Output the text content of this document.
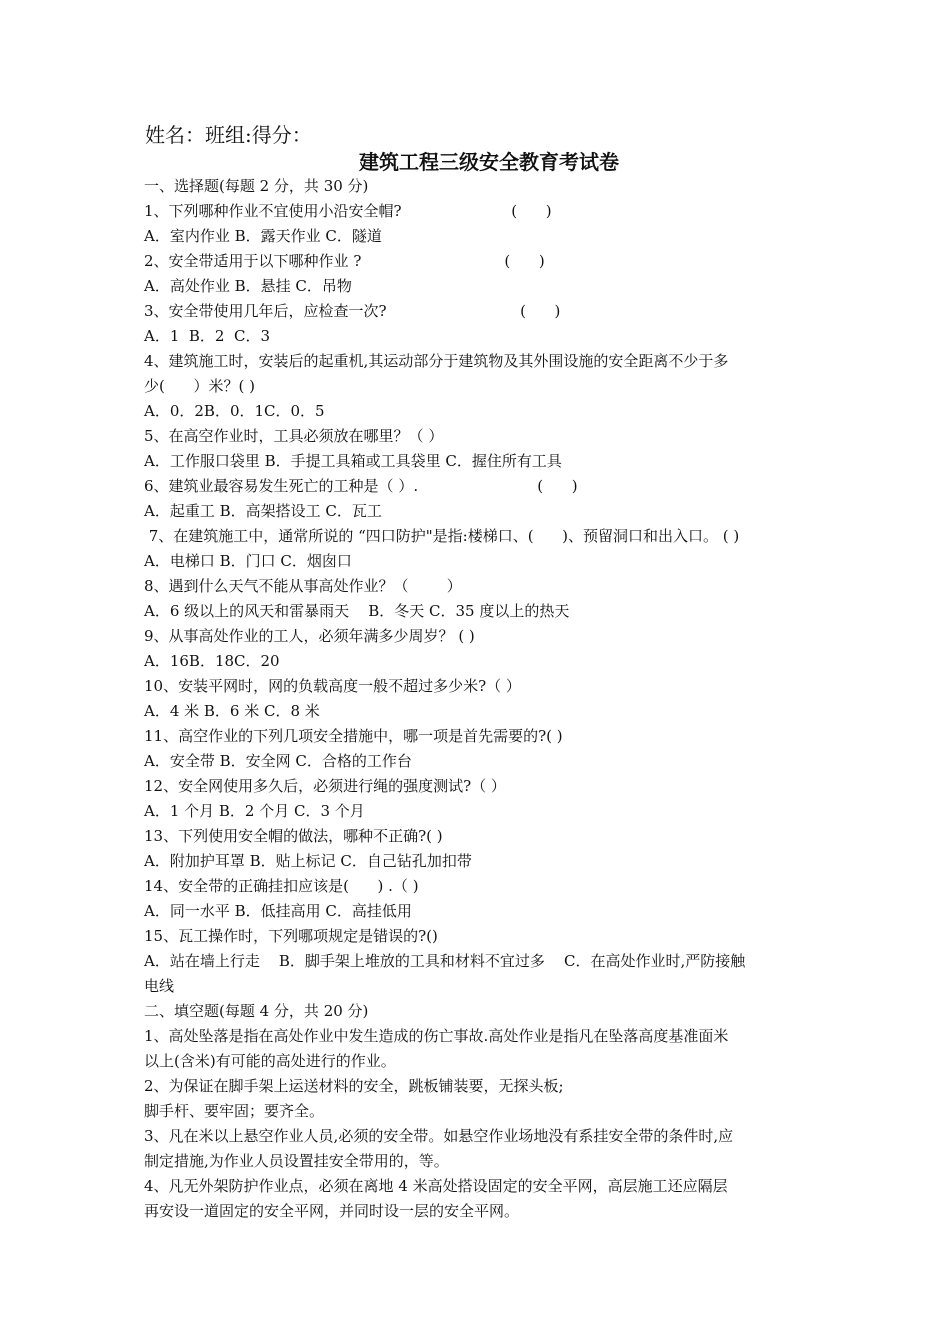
姓名：班组:得分：
建筑工程三级安全教育考试卷
一、选择题(每题 2 分，共 30 分)
1、下列哪种作业不宜使用小沿安全帽?                       (      )
A．室内作业 B．露天作业 C．隧道
2、安全带适用于以下哪种作业 ?                              (      )
A．高处作业 B．悬挂 C．吊物
3、安全带使用几年后，应检查一次?                            (      )
A．1  B．2  C．3
4、建筑施工时，安装后的起重机,其运动部分于建筑物及其外围设施的安全距离不少于多
少(      ）米？( )
A．0．2B．0．1C．0．5
5、在高空作业时，工具必须放在哪里？（ ）
A．工作服口袋里 B．手提工具箱或工具袋里 C．握住所有工具
6、建筑业最容易发生死亡的工种是（ ）.                         (      )
A．起重工 B．高架搭设工 C．瓦工
7、在建筑施工中，通常所说的 “四口防护"是指:楼梯口、(      )、预留洞口和出入口。 ( )
A．电梯口 B．门口 C．烟囱口
8、遇到什么天气不能从事高处作业？（        ）
A．6 级以上的风天和雷暴雨天    B．冬天 C．35 度以上的热天
9、从事高处作业的工人，必须年满多少周岁？ ( )
A．16B．18C．20
10、安装平网时，网的负载高度一般不超过多少米?（ ）
A．4 米 B．6 米 C．8 米
11、高空作业的下列几项安全措施中，哪一项是首先需要的?( )
A．安全带 B．安全网 C．合格的工作台
12、安全网使用多久后，必须进行绳的强度测试?（ ）
A．1 个月 B．2 个月 C．3 个月
13、下列使用安全帽的做法，哪种不正确?( )
A．附加护耳罩 B．贴上标记 C．自己钻孔加扣带
14、安全带的正确挂扣应该是(      ) .（ )
A．同一水平 B．低挂高用 C．高挂低用
15、瓦工操作时，下列哪项规定是错误的?()
A．站在墙上行走    B．脚手架上堆放的工具和材料不宜过多    C．在高处作业时,严防接触
电线
二、填空题(每题 4 分，共 20 分)
1、高处坠落是指在高处作业中发生造成的伤亡事故.高处作业是指凡在坠落高度基准面米
以上(含米)有可能的高处进行的作业。
2、为保证在脚手架上运送材料的安全，跳板铺装要，无探头板;
脚手杆、要牢固；要齐全。
3、凡在米以上悬空作业人员,必须的安全带。如悬空作业场地没有系挂安全带的条件时,应
制定措施,为作业人员设置挂安全带用的，等。
4、凡无外架防护作业点，必须在离地 4 米高处搭设固定的安全平网，高层施工还应隔层
再安设一道固定的安全平网，并同时设一层的安全平网。
